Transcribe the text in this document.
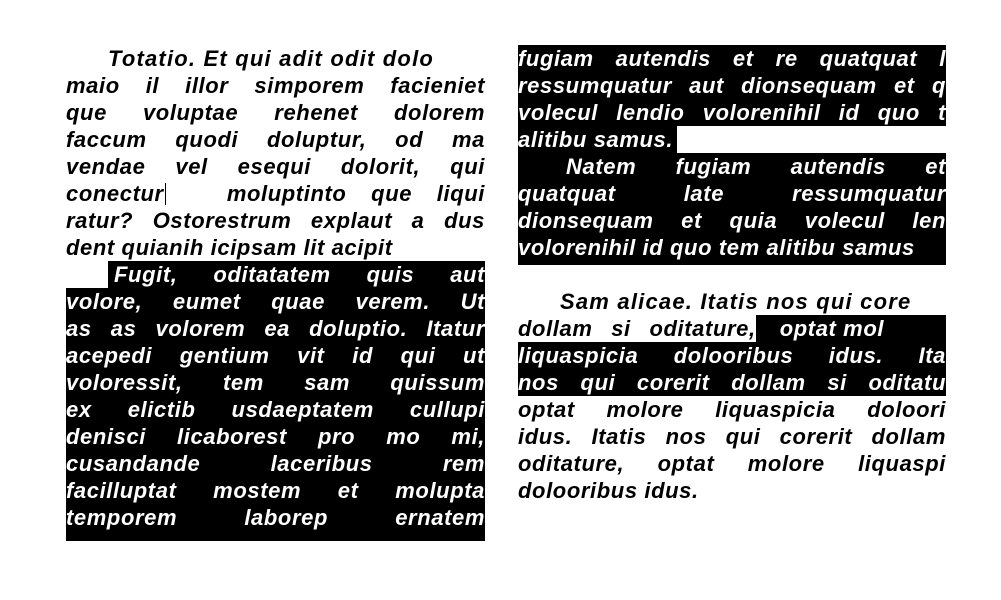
Totatio. Et qui adit odit dolo
maio il illor simporem facieniet
que voluptae rehenet dolorem
faccum quodi doluptur, od ma
vendae vel esequi dolorit, qui
conectur	moluptinto que liqui
ratur? Ostorestrum explaut a dus
dent quianih icipsam lit acipit
Fugit, oditatatem quis aut
volore, eumet quae verem. Ut
as as volorem ea doluptio. Itatur
acepedi gentium vit id qui ut
voloressit, tem sam quissum
ex elictib usdaeptatem cullupi
denisci licaborest pro mo mi,
cusandande laceribus rem
facilluptat mostem et molupta
temporem laborep ernatem
fugiam autendis et re quatquat l
ressumquatur aut dionsequam et q
volecul lendio volorenihil id quo t
alitibu samus.
Natem fugiam autendis et
quatquat late ressumquatur
dionsequam et quia volecul len
volorenihil id quo tem alitibu samus
Sam alicae. Itatis nos qui core
dollam si oditature,	optat mol
liquaspicia dolooribus idus. Ita
nos qui corerit dollam si oditatu
optat molore liquaspicia doloori
idus. Itatis nos qui corerit dollam
oditature, optat molore liquaspi
dolooribus idus.
